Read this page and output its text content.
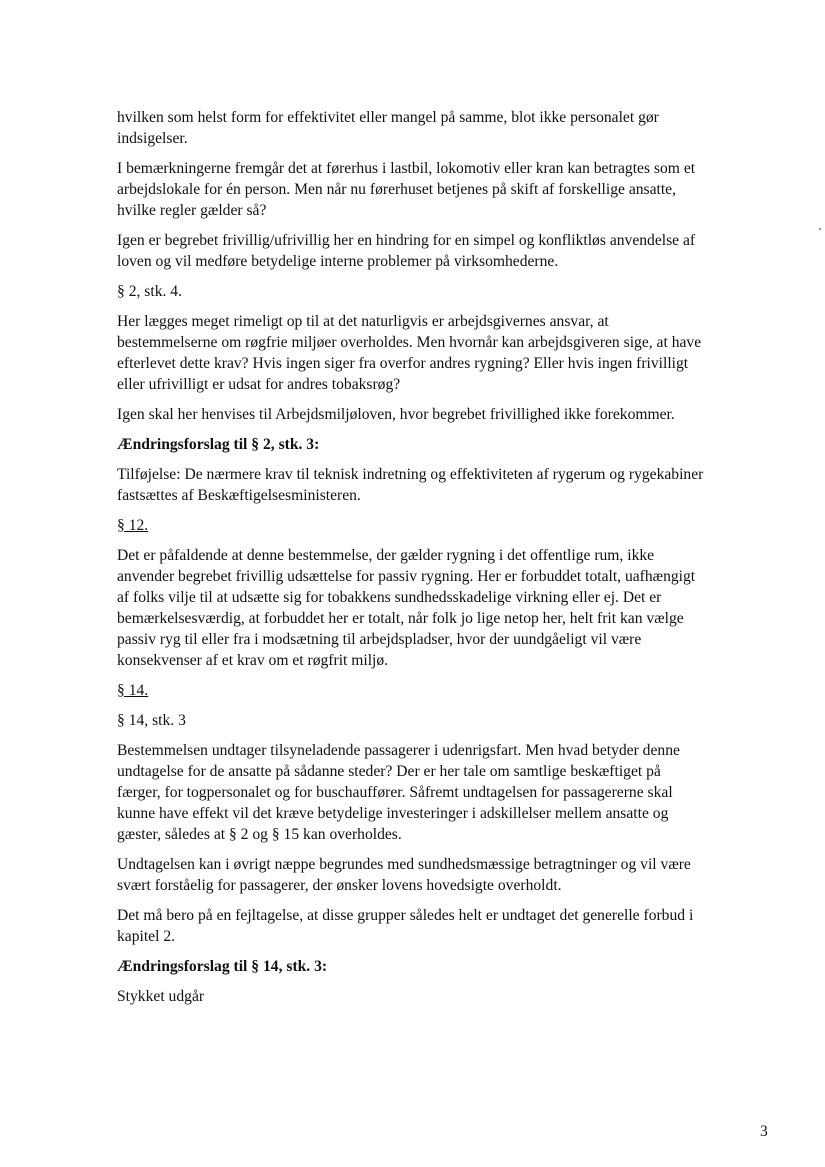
hvilken som helst form for effektivitet eller mangel på samme, blot ikke personalet gør indsigelser.

I bemærkningerne fremgår det at førerhus i lastbil, lokomotiv eller kran kan betragtes som et arbejdslokale for én person. Men når nu førerhuset betjenes på skift af forskellige ansatte, hvilke regler gælder så?

Igen er begrebet frivillig/ufrivillig her en hindring for en simpel og konfliktløs anvendelse af loven og vil medføre betydelige interne problemer på virksomhederne.

§ 2, stk. 4.

Her lægges meget rimeligt op til at det naturligvis er arbejdsgivernes ansvar, at bestemmelserne om røgfrie miljøer overholdes. Men hvornår kan arbejdsgiveren sige, at have efterlevet dette krav? Hvis ingen siger fra overfor andres rygning? Eller hvis ingen frivilligt eller ufrivilligt er udsat for andres tobaksrøg?

Igen skal her henvises til Arbejdsmiljøloven, hvor begrebet frivillighed ikke forekommer.

Ændringsforslag til § 2, stk. 3:

Tilføjelse: De nærmere krav til teknisk indretning og effektiviteten af rygerum og rygekabiner fastsættes af Beskæftigelsesministeren.

§ 12.

Det er påfaldende at denne bestemmelse, der gælder rygning i det offentlige rum, ikke anvender begrebet frivillig udsættelse for passiv rygning. Her er forbuddet totalt, uafhængigt af folks vilje til at udsætte sig for tobakkens sundhedsskadelige virkning eller ej. Det er bemærkelsesværdig, at forbuddet her er totalt, når folk jo lige netop her, helt frit kan vælge passiv ryg til eller fra i modsætning til arbejdspladser, hvor der uundgåeligt vil være konsekvenser af et krav om et røgfrit miljø.

§ 14.

§ 14, stk. 3

Bestemmelsen undtager tilsyneladende passagerer i udenrigsfart. Men hvad betyder denne undtagelse for de ansatte på sådanne steder? Der er her tale om samtlige beskæftiget på færger, for togpersonalet og for buschauffører. Såfremt undtagelsen for passagererne skal kunne have effekt vil det kræve betydelige investeringer i adskillelser mellem ansatte og gæster, således at § 2 og § 15 kan overholdes.

Undtagelsen kan i øvrigt næppe begrundes med sundhedsmæssige betragtninger og vil være svært forståelig for passagerer, der ønsker lovens hovedsigte overholdt.

Det må bero på en fejltagelse, at disse grupper således helt er undtaget det generelle forbud i kapitel 2.

Ændringsforslag til § 14, stk. 3:

Stykket udgår

3
